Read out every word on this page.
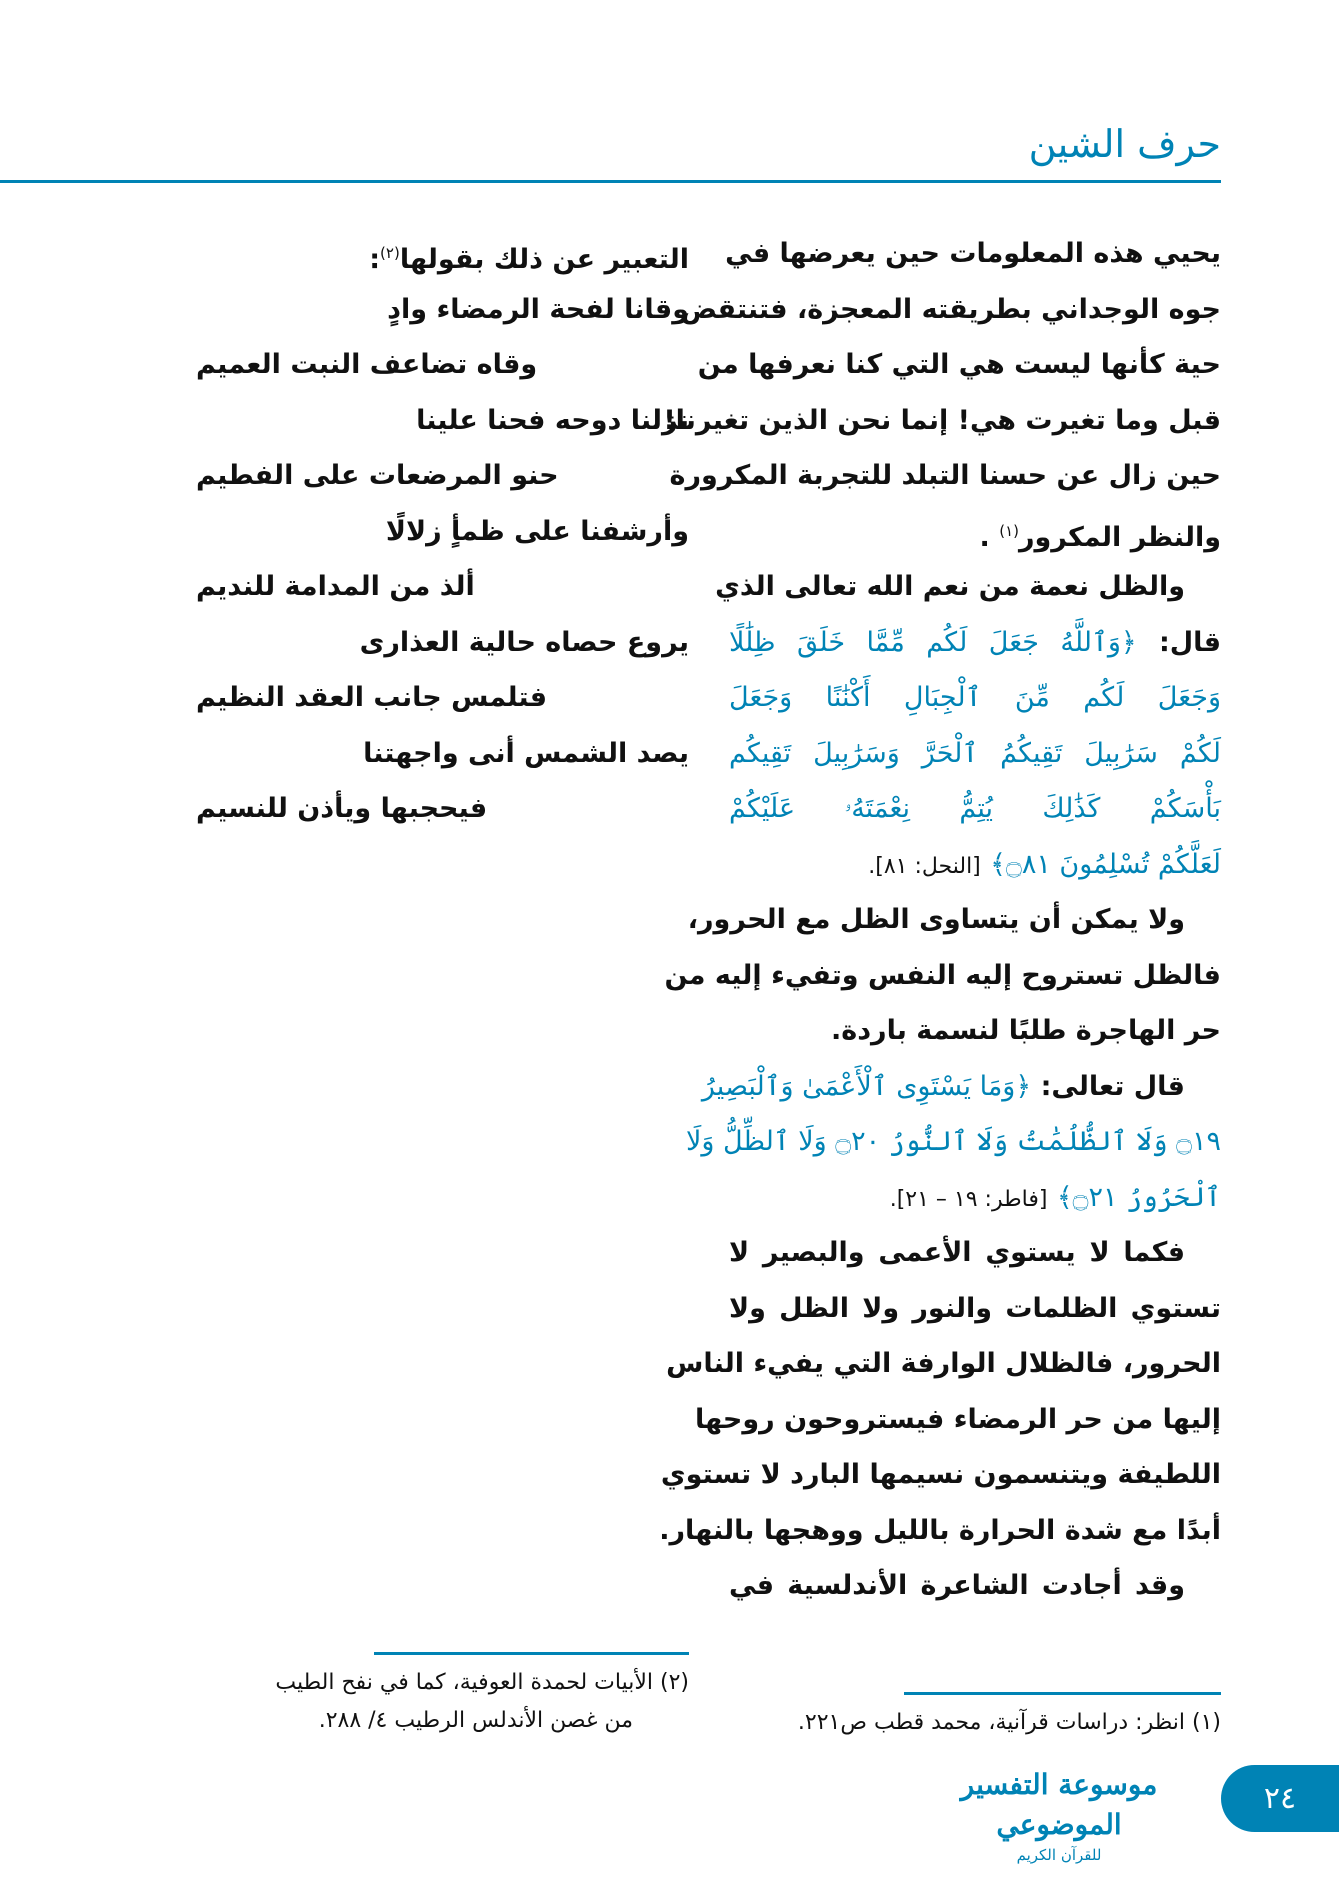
حرف الشين
يحيي هذه المعلومات حين يعرضها في
جوه الوجداني بطريقته المعجزة، فتنتقض
حية كأنها ليست هي التي كنا نعرفها من
قبل وما تغيرت هي! إنما نحن الذين تغيرنا!
حين زال عن حسنا التبلد للتجربة المكرورة
والنظر المكرور$^{(١)}$ .
والظل نعمة من نعم الله تعالى الذي
قال: ﴿وَٱللَّهُ جَعَلَ لَكُم مِّمَّا خَلَقَ ظِلَٰلًا
وَجَعَلَ لَكُم مِّنَ ٱلْجِبَالِ أَكْنَٰنًا وَجَعَلَ
لَكُمْ سَرَٰبِيلَ تَقِيكُمُ ٱلْحَرَّ وَسَرَٰبِيلَ تَقِيكُم
بَأْسَكُمْ كَذَٰلِكَ يُتِمُّ نِعْمَتَهُۥ عَلَيْكُمْ
لَعَلَّكُمْ تُسْلِمُونَ ۝٨١﴾ [النحل: ٨١].
ولا يمكن أن يتساوى الظل مع الحرور،
فالظل تستروح إليه النفس وتفيء إليه من
حر الهاجرة طلبًا لنسمة باردة.
قال تعالى: ﴿وَمَا يَسْتَوِى ٱلْأَعْمَىٰ وَٱلْبَصِيرُ
۝١٩ وَلَا ٱلظُّلُمَٰتُ وَلَا ٱلنُّورُ ۝٢٠ وَلَا ٱلظِّلُّ وَلَا
ٱلْحَرُورُ ۝٢١﴾ [فاطر: ١٩ – ٢١].
فكما لا يستوي الأعمى والبصير لا
تستوي الظلمات والنور ولا الظل ولا
الحرور، فالظلال الوارفة التي يفيء الناس
إليها من حر الرمضاء فيستروحون روحها
اللطيفة ويتنسمون نسيمها البارد لا تستوي
أبدًا مع شدة الحرارة بالليل ووهجها بالنهار.
وقد أجادت الشاعرة الأندلسية في
التعبير عن ذلك بقولها$^{(٢)}$:
وقانا لفحة الرمضاء وادٍ
وقاه تضاعف النبت العميم
نزلنا دوحه فحنا علينا
حنو المرضعات على الفطيم
وأرشفنا على ظمأٍ زلالًا
ألذ من المدامة للنديم
يروع حصاه حالية العذارى
فتلمس جانب العقد النظيم
يصد الشمس أنى واجهتنا
فيحجبها ويأذن للنسيم
(٢) الأبيات لحمدة العوفية، كما في نفح الطيب
من غصن الأندلس الرطيب ٤/ ٢٨٨.	(١) انظر: دراسات قرآنية، محمد قطب ص٢٢١.
موسوعة التفسير الموضوعي
للقرآن الكريم
٢٤
